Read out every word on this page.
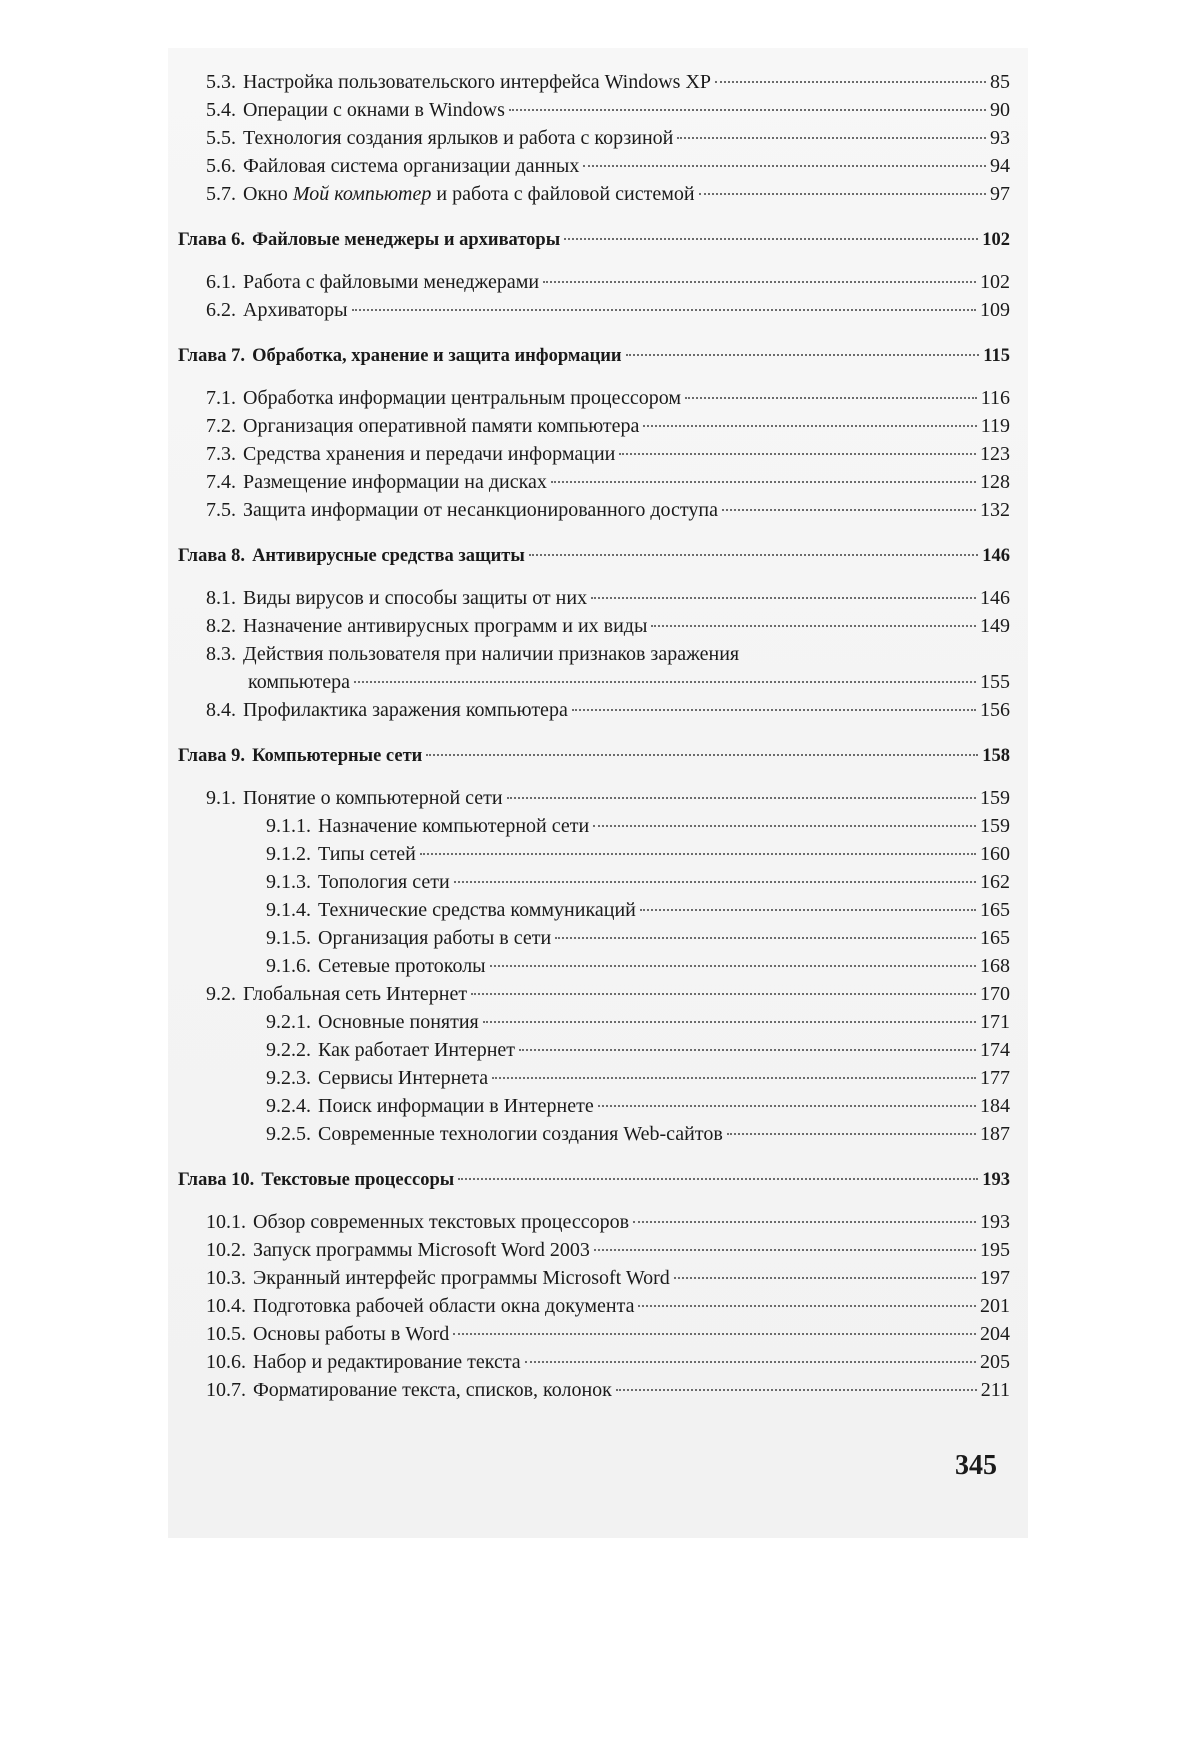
5.3. Настройка пользовательского интерфейса Windows XP	85
5.4. Операции с окнами в Windows	90
5.5. Технология создания ярлыков и работа с корзиной	93
5.6. Файловая система организации данных	94
5.7. Окно Мой компьютер и работа с файловой системой	97
Глава 6. Файловые менеджеры и архиваторы	102
6.1. Работа с файловыми менеджерами	102
6.2. Архиваторы	109
Глава 7. Обработка, хранение и защита информации	115
7.1. Обработка информации центральным процессором	116
7.2. Организация оперативной памяти компьютера	119
7.3. Средства хранения и передачи информации	123
7.4. Размещение информации на дисках	128
7.5. Защита информации от несанкционированного доступа	132
Глава 8. Антивирусные средства защиты	146
8.1. Виды вирусов и способы защиты от них	146
8.2. Назначение антивирусных программ и их виды	149
8.3. Действия пользователя при наличии признаков заражения
компьютера	155
8.4. Профилактика заражения компьютера	156
Глава 9. Компьютерные сети	158
9.1. Понятие о компьютерной сети	159
9.1.1. Назначение компьютерной сети	159
9.1.2. Типы сетей	160
9.1.3. Топология сети	162
9.1.4. Технические средства коммуникаций	165
9.1.5. Организация работы в сети	165
9.1.6. Сетевые протоколы	168
9.2. Глобальная сеть Интернет	170
9.2.1. Основные понятия	171
9.2.2. Как работает Интернет	174
9.2.3. Сервисы Интернета	177
9.2.4. Поиск информации в Интернете	184
9.2.5. Современные технологии создания Web-сайтов	187
Глава 10. Текстовые процессоры	193
10.1. Обзор современных текстовых процессоров	193
10.2. Запуск программы Microsoft Word 2003	195
10.3. Экранный интерфейс программы Microsoft Word	197
10.4. Подготовка рабочей области окна документа	201
10.5. Основы работы в Word	204
10.6. Набор и редактирование текста	205
10.7. Форматирование текста, списков, колонок	211
345
